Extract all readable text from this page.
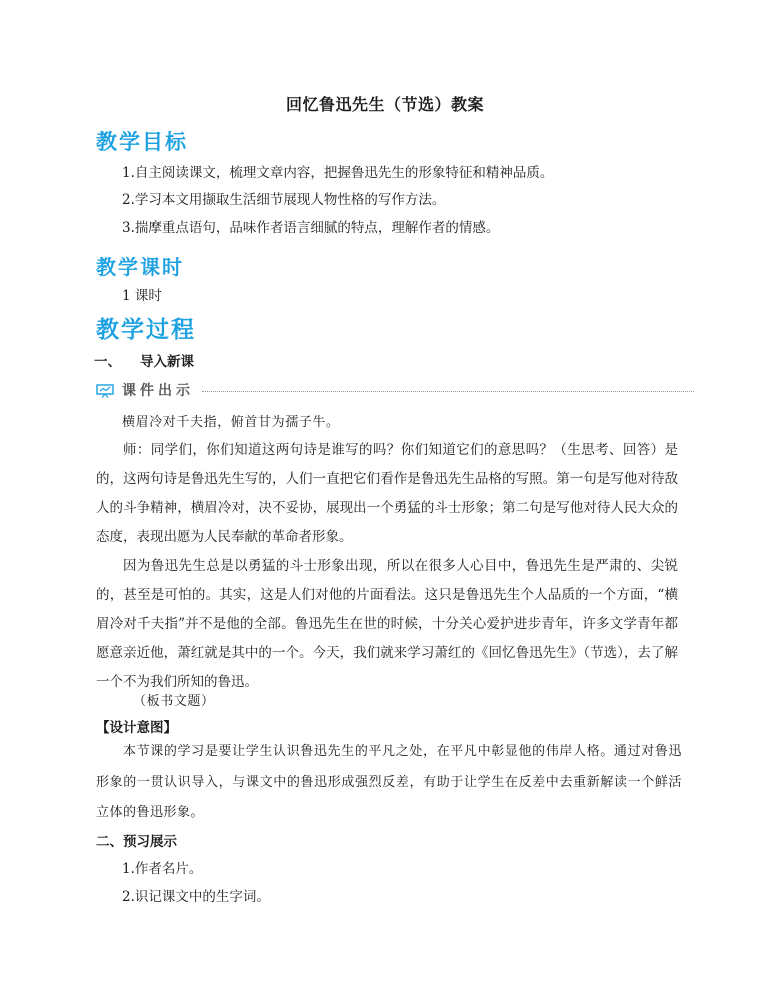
回忆鲁迅先生（节选）教案
教学目标
1.自主阅读课文，梳理文章内容，把握鲁迅先生的形象特征和精神品质。
2.学习本文用撷取生活细节展现人物性格的写作方法。
3.揣摩重点语句，品味作者语言细腻的特点，理解作者的情感。
教学课时
1 课时
教学过程
一、 导入新课
课件出示
横眉冷对千夫指，俯首甘为孺子牛。
师：同学们，你们知道这两句诗是谁写的吗？你们知道它们的意思吗？（生思考、回答）是的，这两句诗是鲁迅先生写的，人们一直把它们看作是鲁迅先生品格的写照。第一句是写他对待敌人的斗争精神，横眉冷对，决不妥协，展现出一个勇猛的斗士形象；第二句是写他对待人民大众的态度，表现出愿为人民奉献的革命者形象。
因为鲁迅先生总是以勇猛的斗士形象出现，所以在很多人心目中，鲁迅先生是严肃的、尖锐的，甚至是可怕的。其实，这是人们对他的片面看法。这只是鲁迅先生个人品质的一个方面，“横眉冷对千夫指”并不是他的全部。鲁迅先生在世的时候，十分关心爱护进步青年，许多文学青年都愿意亲近他，萧红就是其中的一个。今天，我们就来学习萧红的《回忆鲁迅先生》（节选），去了解一个不为我们所知的鲁迅。
（板书文题）
【设计意图】
本节课的学习是要让学生认识鲁迅先生的平凡之处，在平凡中彰显他的伟岸人格。通过对鲁迅形象的一贯认识导入，与课文中的鲁迅形成强烈反差，有助于让学生在反差中去重新解读一个鲜活立体的鲁迅形象。
二、预习展示
1.作者名片。
2.识记课文中的生字词。
